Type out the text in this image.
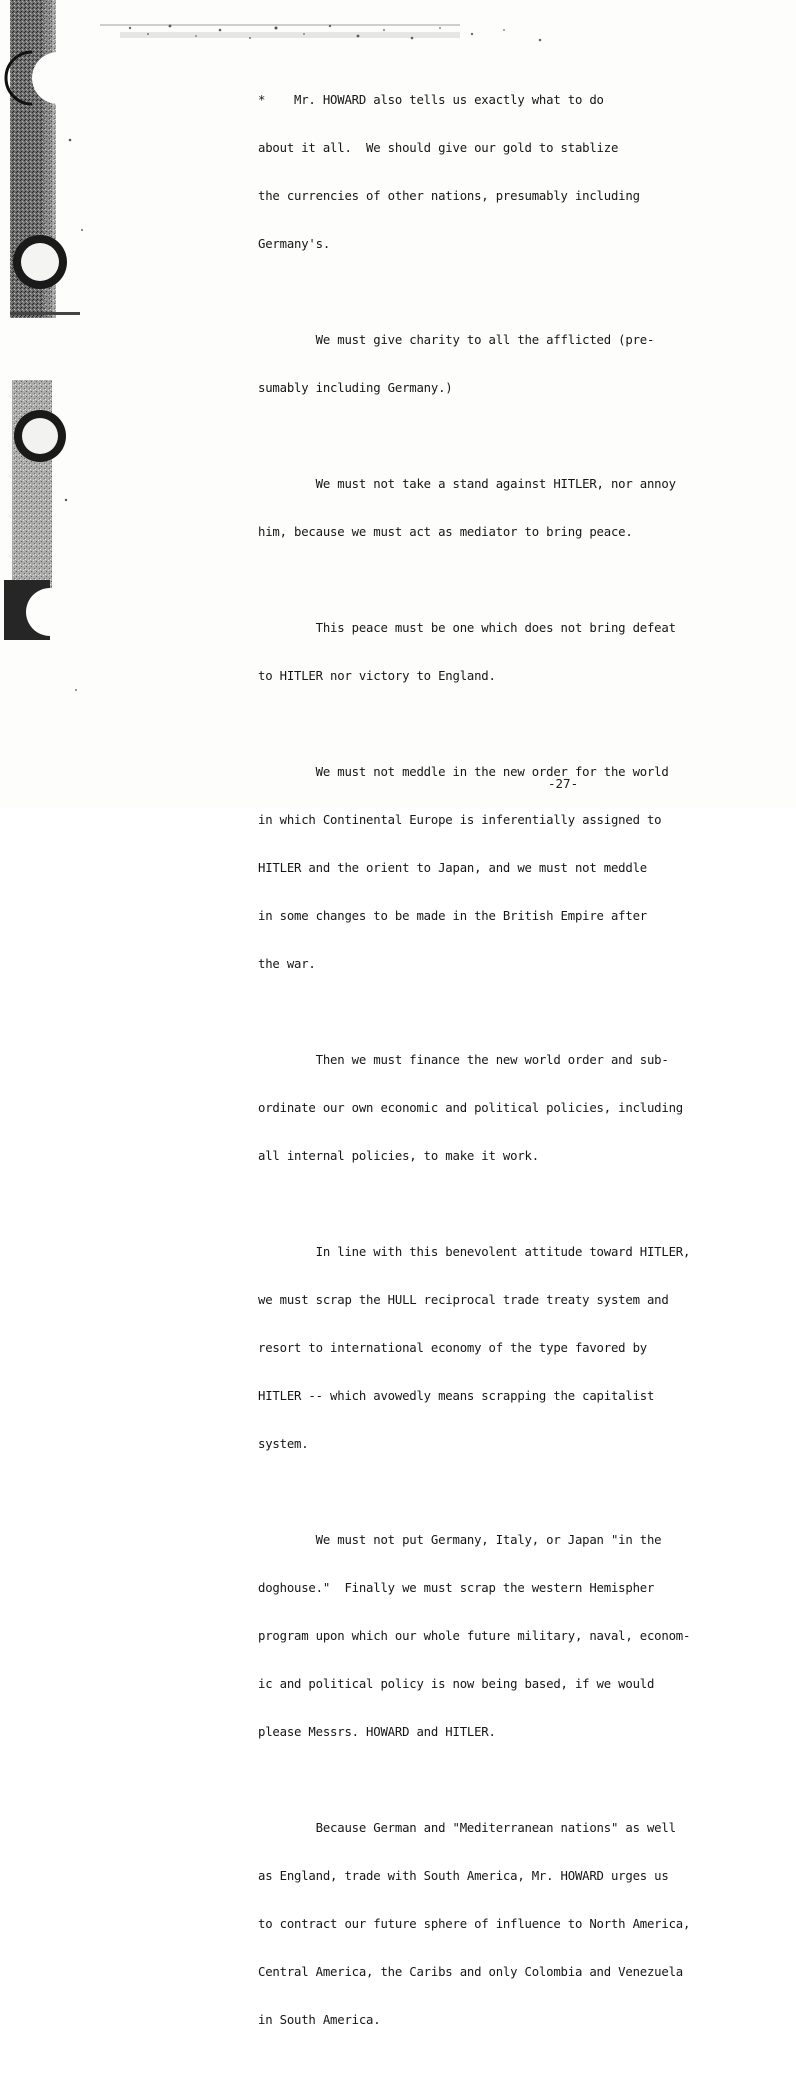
*    Mr. HOWARD also tells us exactly what to do

about it all.  We should give our gold to stablize

the currencies of other nations, presumably including

Germany's.

We must give charity to all the afflicted (pre-

sumably including Germany.)

We must not take a stand against HITLER, nor annoy

him, because we must act as mediator to bring peace.

This peace must be one which does not bring defeat

to HITLER nor victory to England.

We must not meddle in the new order for the world

in which Continental Europe is inferentially assigned to

HITLER and the orient to Japan, and we must not meddle

in some changes to be made in the British Empire after

the war.

Then we must finance the new world order and sub-

ordinate our own economic and political policies, including

all internal policies, to make it work.

In line with this benevolent attitude toward HITLER,

we must scrap the HULL reciprocal trade treaty system and

resort to international economy of the type favored by

HITLER -- which avowedly means scrapping the capitalist

system.

We must not put Germany, Italy, or Japan "in the

doghouse."  Finally we must scrap the western Hemispher

program upon which our whole future military, naval, econom-

ic and political policy is now being based, if we would

please Messrs. HOWARD and HITLER.

Because German and "Mediterranean nations" as well

as England, trade with South America, Mr. HOWARD urges us

to contract our future sphere of influence to North America,

Central America, the Caribs and only Colombia and Venezuela

in South America.

-27-
